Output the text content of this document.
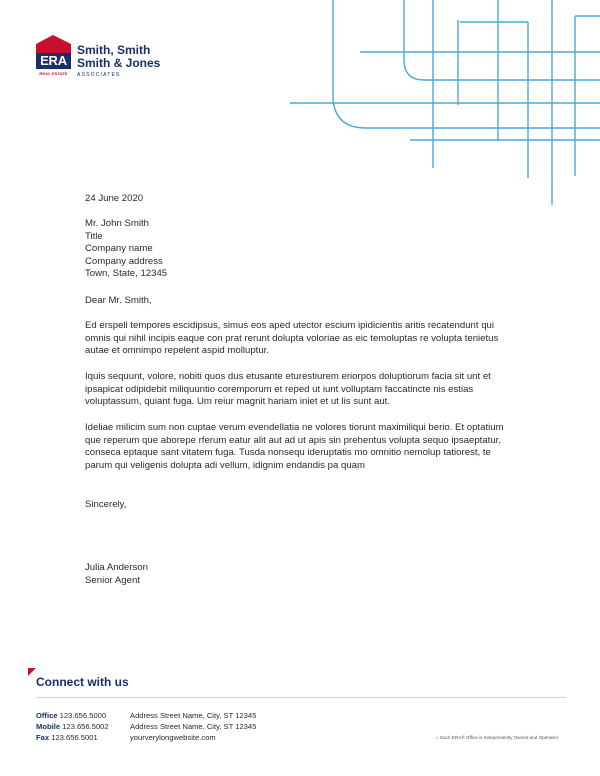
ERA
REAL ESTATE
Smith, Smith
Smith & Jones
ASSOCIATES
24 June 2020
Mr. John Smith
Title
Company name
Company address
Town, State, 12345
Dear Mr. Smith,
Ed erspeli tempores escidipsus, simus eos aped utector escium ipidicientis aritis recatendunt qui omnis qui nihil incipis eaque con prat rerunt dolupta voloriae as eic temoluptas re volupta tenietus autae et omnimpo repelent aspid molluptur.
Iquis sequunt, volore, nobiti quos dus etusante eturestiurem eriorpos doluptiorum facia sit unt et ipsapicat odipidebit miliquuntio coremporum et reped ut iunt volluptam faccatincte nis estias voluptassum, quiant fuga. Um reiur magnit hariam iniet et ut lis sunt aut.
Ideliae milicim sum non cuptae verum evendellatia ne volores tiorunt maximiliqui berio. Et optatium que reperum que aborepe rferum eatur alit aut ad ut apis sin prehentus volupta sequo ipsaeptatur, conseca eptaque sant vitatem fuga. Tusda nonsequ ideruptatis mo omnitio nemolup tatiorest, te parum qui veligenis dolupta adi vellum, idignim endandis pa quam
Sincerely,
Julia Anderson
Senior Agent
Connect with us
Office 123.656.5000
Mobile 123.656.5002
Fax 123.656.5001
Address Street Name, City, ST 12345
Address Street Name, City, ST 12345
yourverylongwebsite.com	⌂ Each ERA® Office is Independently Owned and Operated
